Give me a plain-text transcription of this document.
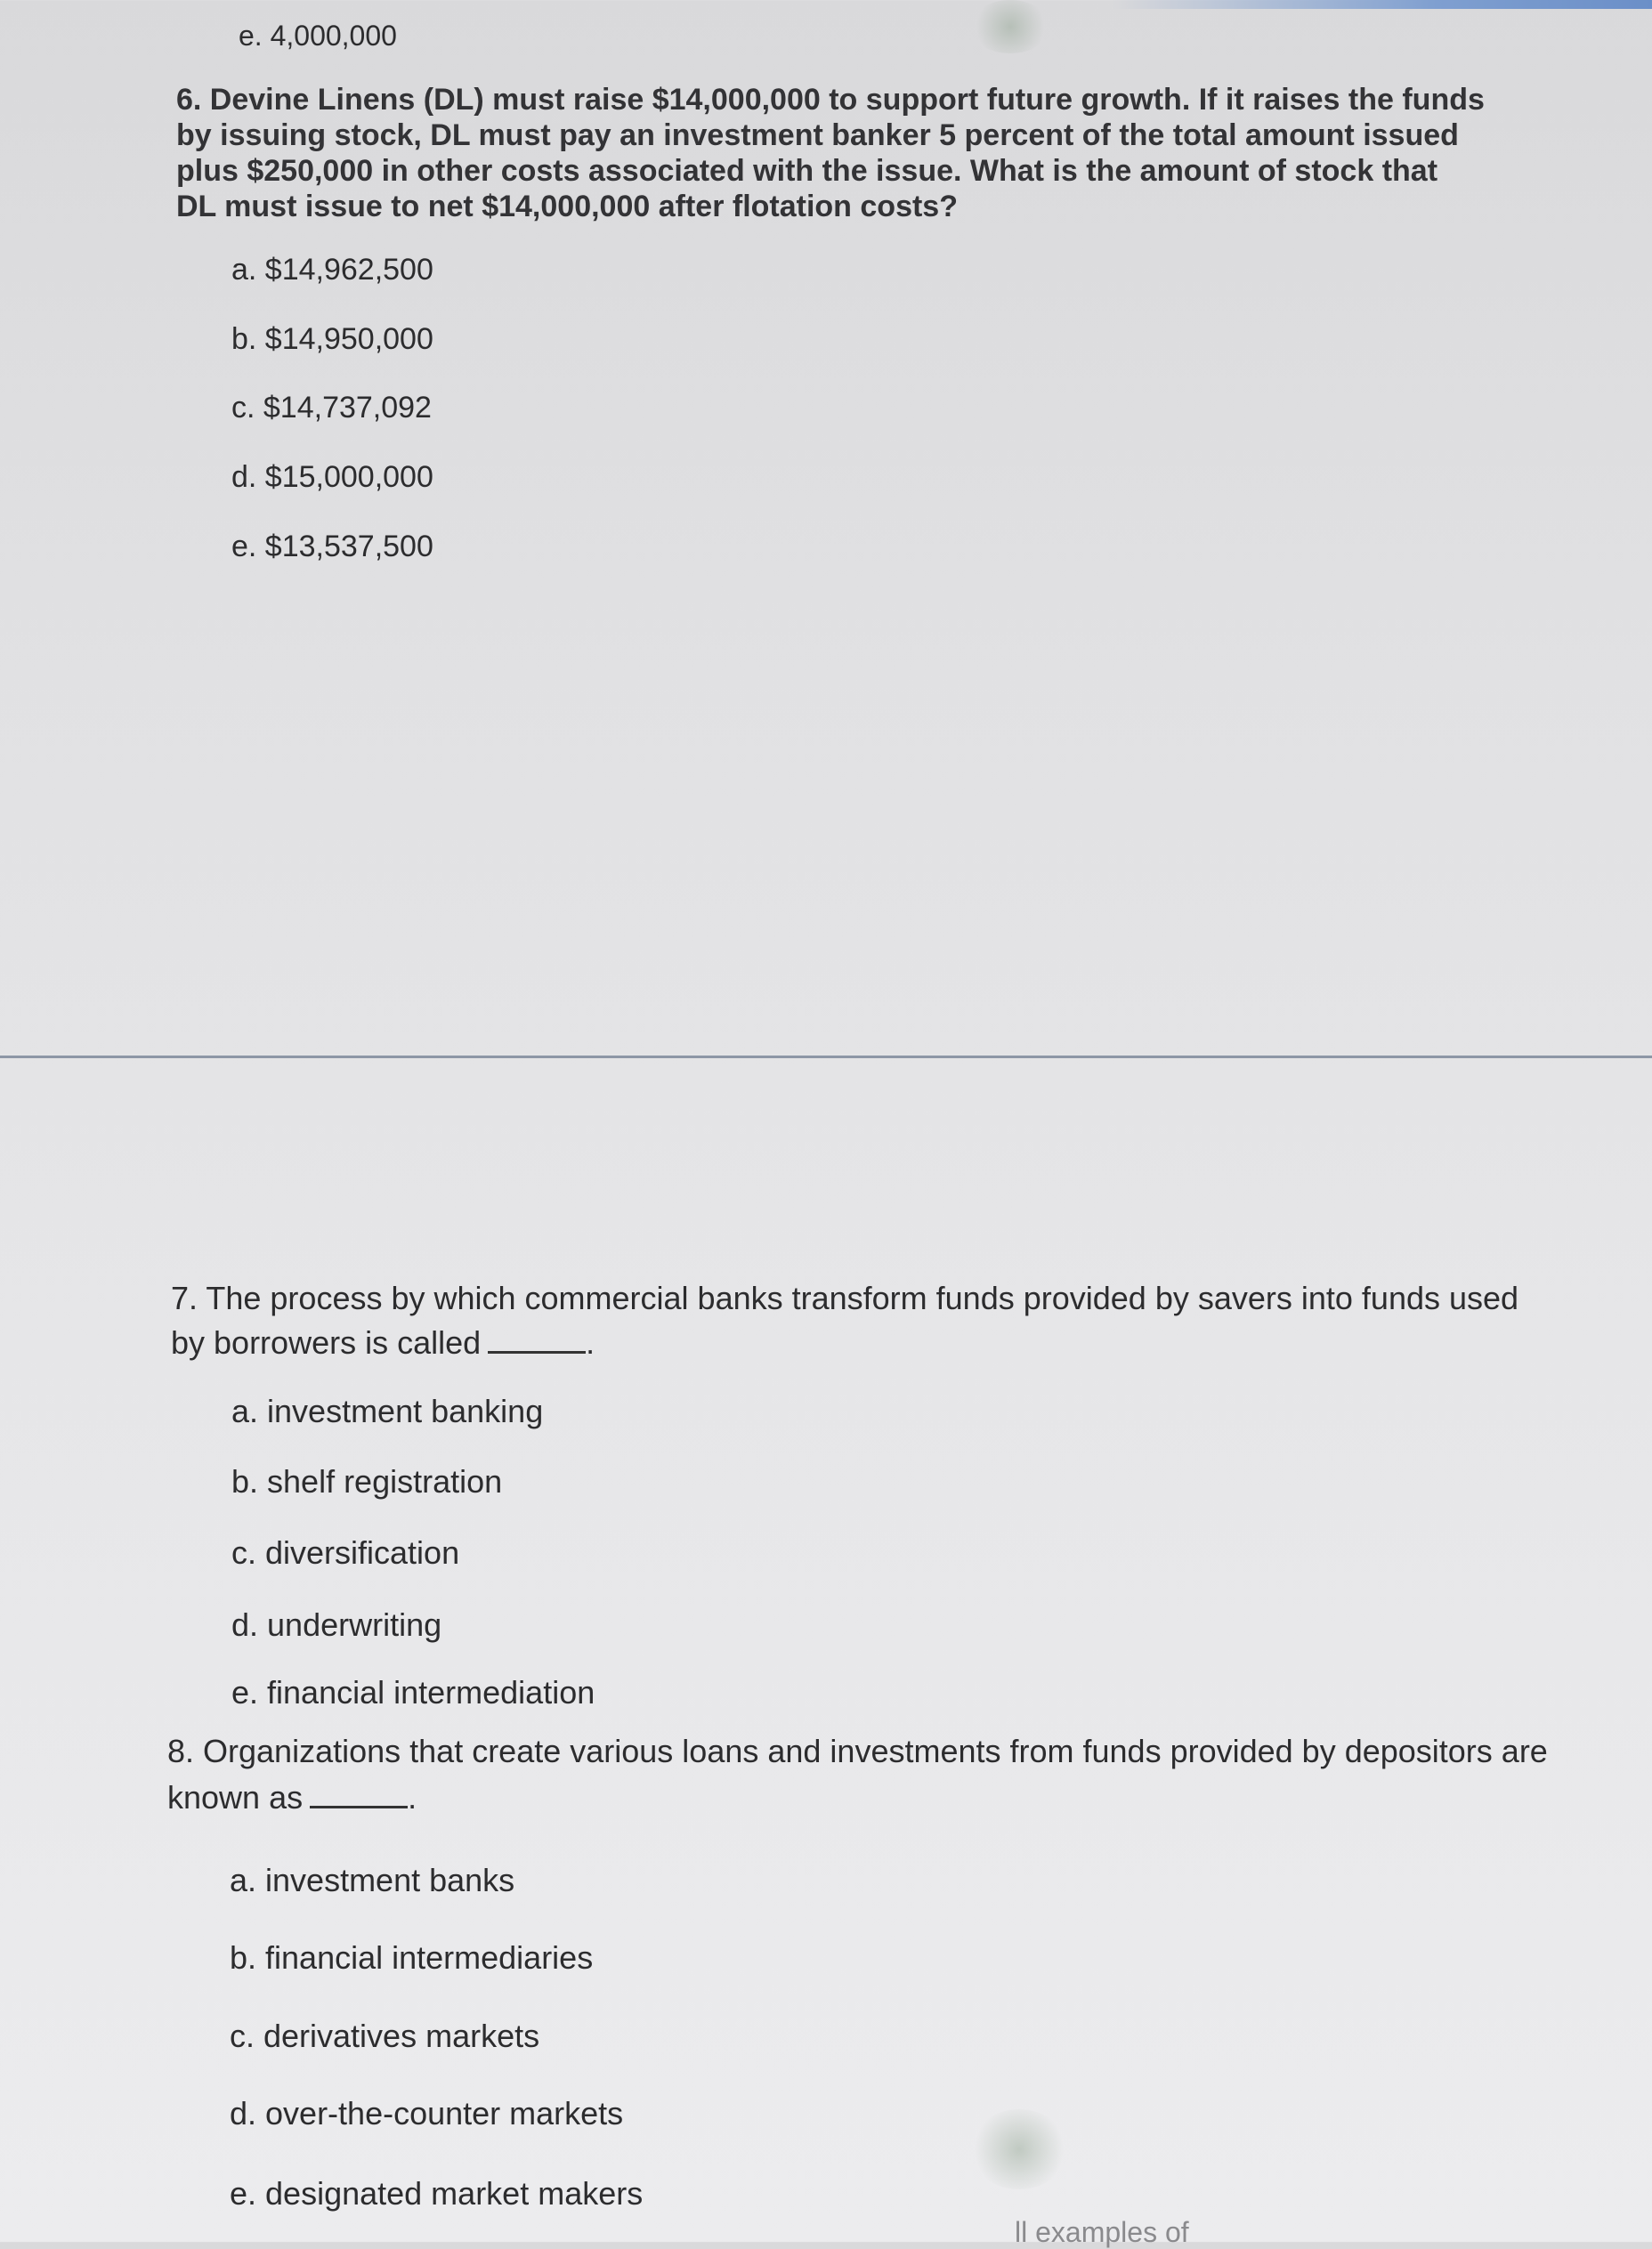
e. 4,000,000

6. Devine Linens (DL) must raise $14,000,000 to support future growth. If it raises the funds by issuing stock, DL must pay an investment banker 5 percent of the total amount issued plus $250,000 in other costs associated with the issue. What is the amount of stock that DL must issue to net $14,000,000 after flotation costs?

a. $14,962,500
b. $14,950,000
c. $14,737,092
d. $15,000,000
e. $13,537,500

7. The process by which commercial banks transform funds provided by savers into funds used by borrowers is called	.

a. investment banking
b. shelf registration
c. diversification
d. underwriting
e. financial intermediation

8. Organizations that create various loans and investments from funds provided by depositors are known as	.

a. investment banks
b. financial intermediaries
c. derivatives markets
d. over-the-counter markets
e. designated market makers
ll examples of
